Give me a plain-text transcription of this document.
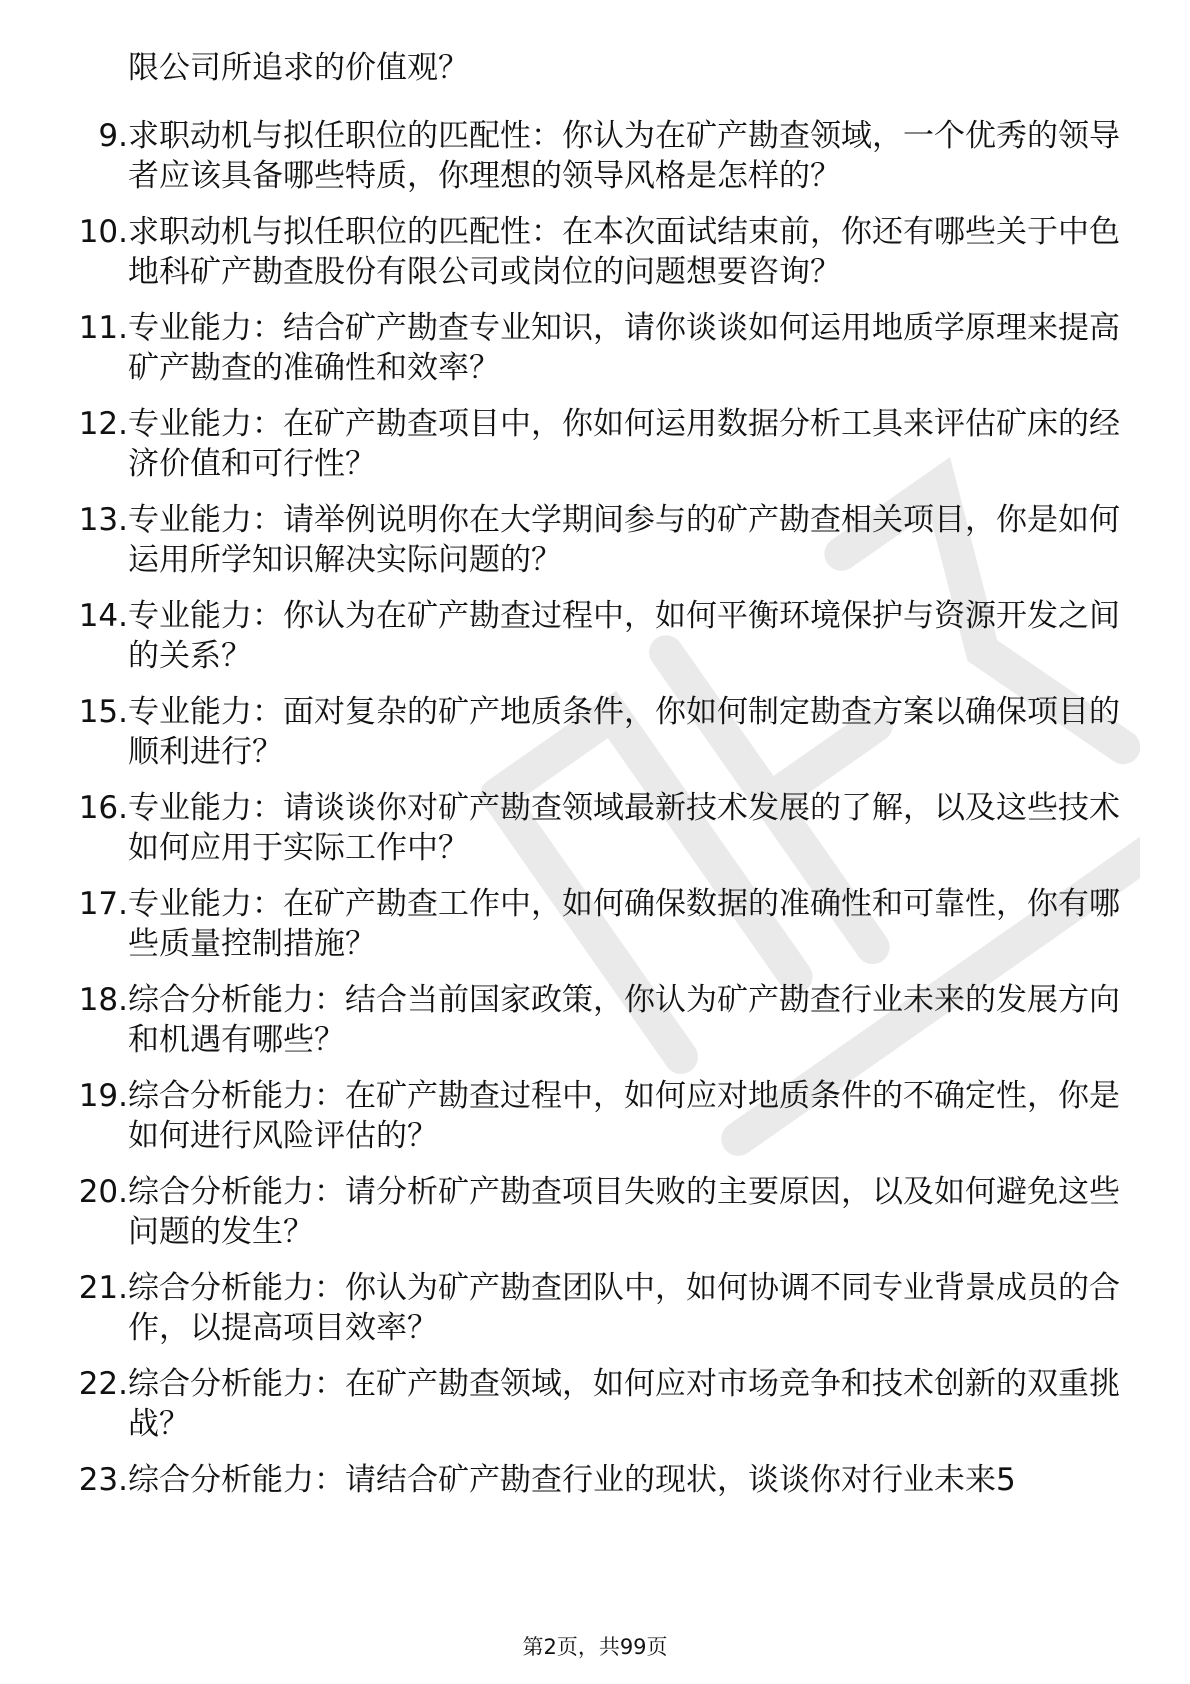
限公司所追求的价值观？
9. 求职动机与拟任职位的匹配性：你认为在矿产勘查领域，一个优秀的领导者应该具备哪些特质，你理想的领导风格是怎样的？
10. 求职动机与拟任职位的匹配性：在本次面试结束前，你还有哪些关于中色地科矿产勘查股份有限公司或岗位的问题想要咨询？
11. 专业能力：结合矿产勘查专业知识，请你谈谈如何运用地质学原理来提高矿产勘查的准确性和效率？
12. 专业能力：在矿产勘查项目中，你如何运用数据分析工具来评估矿床的经济价值和可行性？
13. 专业能力：请举例说明你在大学期间参与的矿产勘查相关项目，你是如何运用所学知识解决实际问题的？
14. 专业能力：你认为在矿产勘查过程中，如何平衡环境保护与资源开发之间的关系？
15. 专业能力：面对复杂的矿产地质条件，你如何制定勘查方案以确保项目的顺利进行？
16. 专业能力：请谈谈你对矿产勘查领域最新技术发展的了解，以及这些技术如何应用于实际工作中？
17. 专业能力：在矿产勘查工作中，如何确保数据的准确性和可靠性，你有哪些质量控制措施？
18. 综合分析能力：结合当前国家政策，你认为矿产勘查行业未来的发展方向和机遇有哪些？
19. 综合分析能力：在矿产勘查过程中，如何应对地质条件的不确定性，你是如何进行风险评估的？
20. 综合分析能力：请分析矿产勘查项目失败的主要原因，以及如何避免这些问题的发生？
21. 综合分析能力：你认为矿产勘查团队中，如何协调不同专业背景成员的合作，以提高项目效率？
22. 综合分析能力：在矿产勘查领域，如何应对市场竞争和技术创新的双重挑战？
23. 综合分析能力：请结合矿产勘查行业的现状，谈谈你对行业未来5
第2页，共99页
